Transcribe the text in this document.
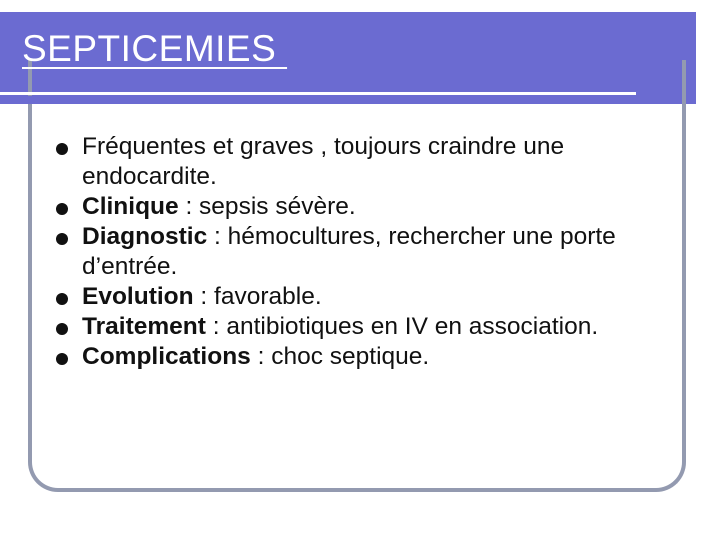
SEPTICEMIES
Fréquentes et graves , toujours craindre une endocardite.
Clinique : sepsis sévère.
Diagnostic : hémocultures, rechercher une porte d’entrée.
Evolution : favorable.
Traitement : antibiotiques en IV en association.
Complications : choc septique.
